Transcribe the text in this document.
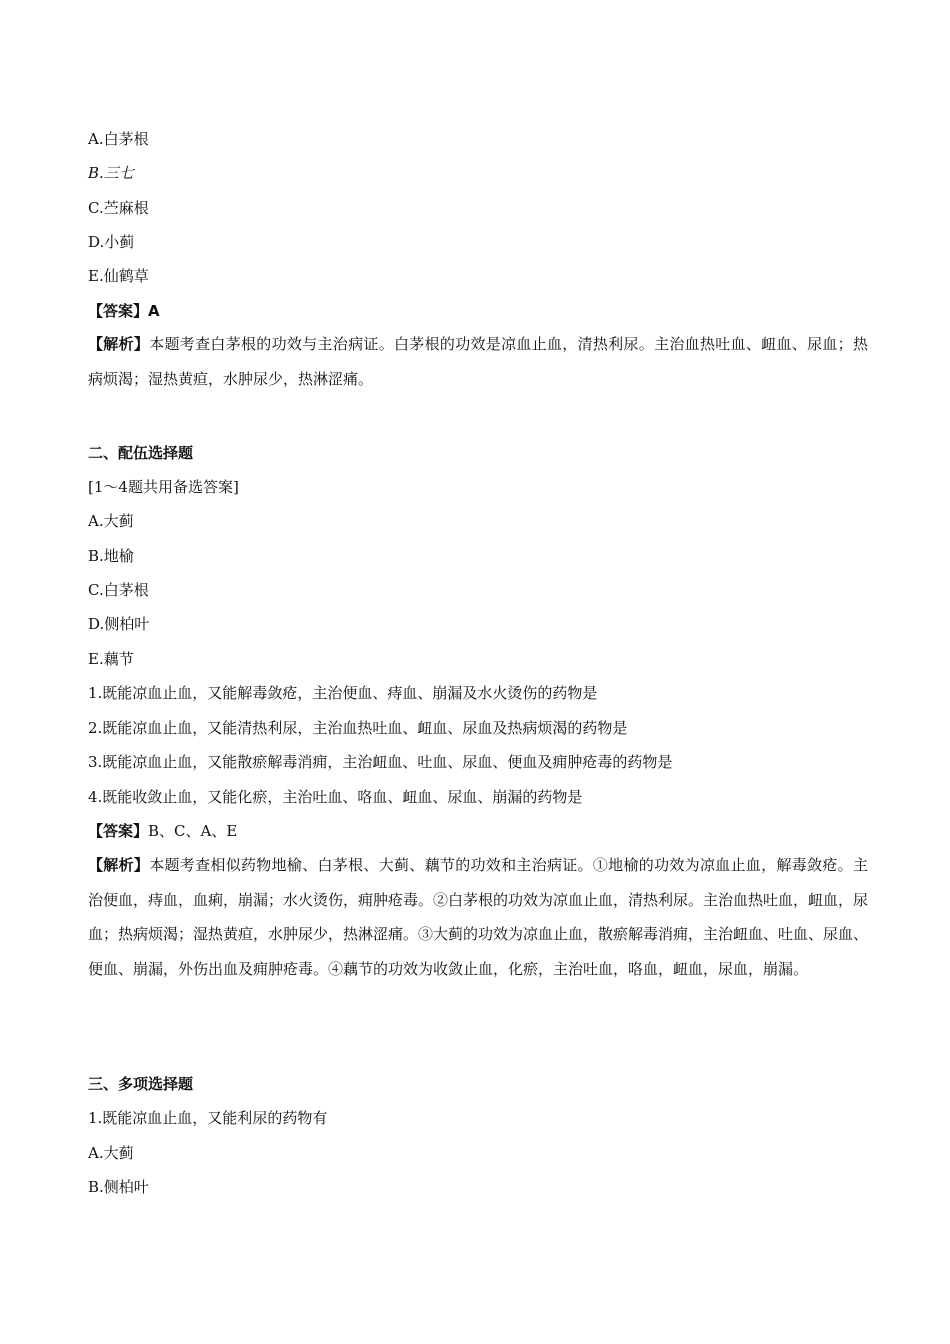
A.白茅根
B.三七
C.苎麻根
D.小蓟
E.仙鹤草
【答案】A
【解析】本题考查白茅根的功效与主治病证。白茅根的功效是凉血止血，清热利尿。主治血热吐血、衄血、尿血；热病烦渴；湿热黄疸，水肿尿少，热淋涩痛。
二、配伍选择题
[1～4题共用备选答案]
A.大蓟
B.地榆
C.白茅根
D.侧柏叶
E.藕节
1.既能凉血止血，又能解毒敛疮，主治便血、痔血、崩漏及水火烫伤的药物是
2.既能凉血止血，又能清热利尿，主治血热吐血、衄血、尿血及热病烦渴的药物是
3.既能凉血止血，又能散瘀解毒消痈，主治衄血、吐血、尿血、便血及痈肿疮毒的药物是
4.既能收敛止血，又能化瘀，主治吐血、咯血、衄血、尿血、崩漏的药物是
【答案】B、C、A、E
【解析】本题考查相似药物地榆、白茅根、大蓟、藕节的功效和主治病证。①地榆的功效为凉血止血，解毒敛疮。主治便血，痔血，血痢，崩漏；水火烫伤，痈肿疮毒。②白茅根的功效为凉血止血，清热利尿。主治血热吐血，衄血，尿血；热病烦渴；湿热黄疸，水肿尿少，热淋涩痛。③大蓟的功效为凉血止血，散瘀解毒消痈，主治衄血、吐血、尿血、便血、崩漏，外伤出血及痈肿疮毒。④藕节的功效为收敛止血，化瘀，主治吐血，咯血，衄血，尿血，崩漏。
三、多项选择题
1.既能凉血止血，又能利尿的药物有
A.大蓟
B.侧柏叶
